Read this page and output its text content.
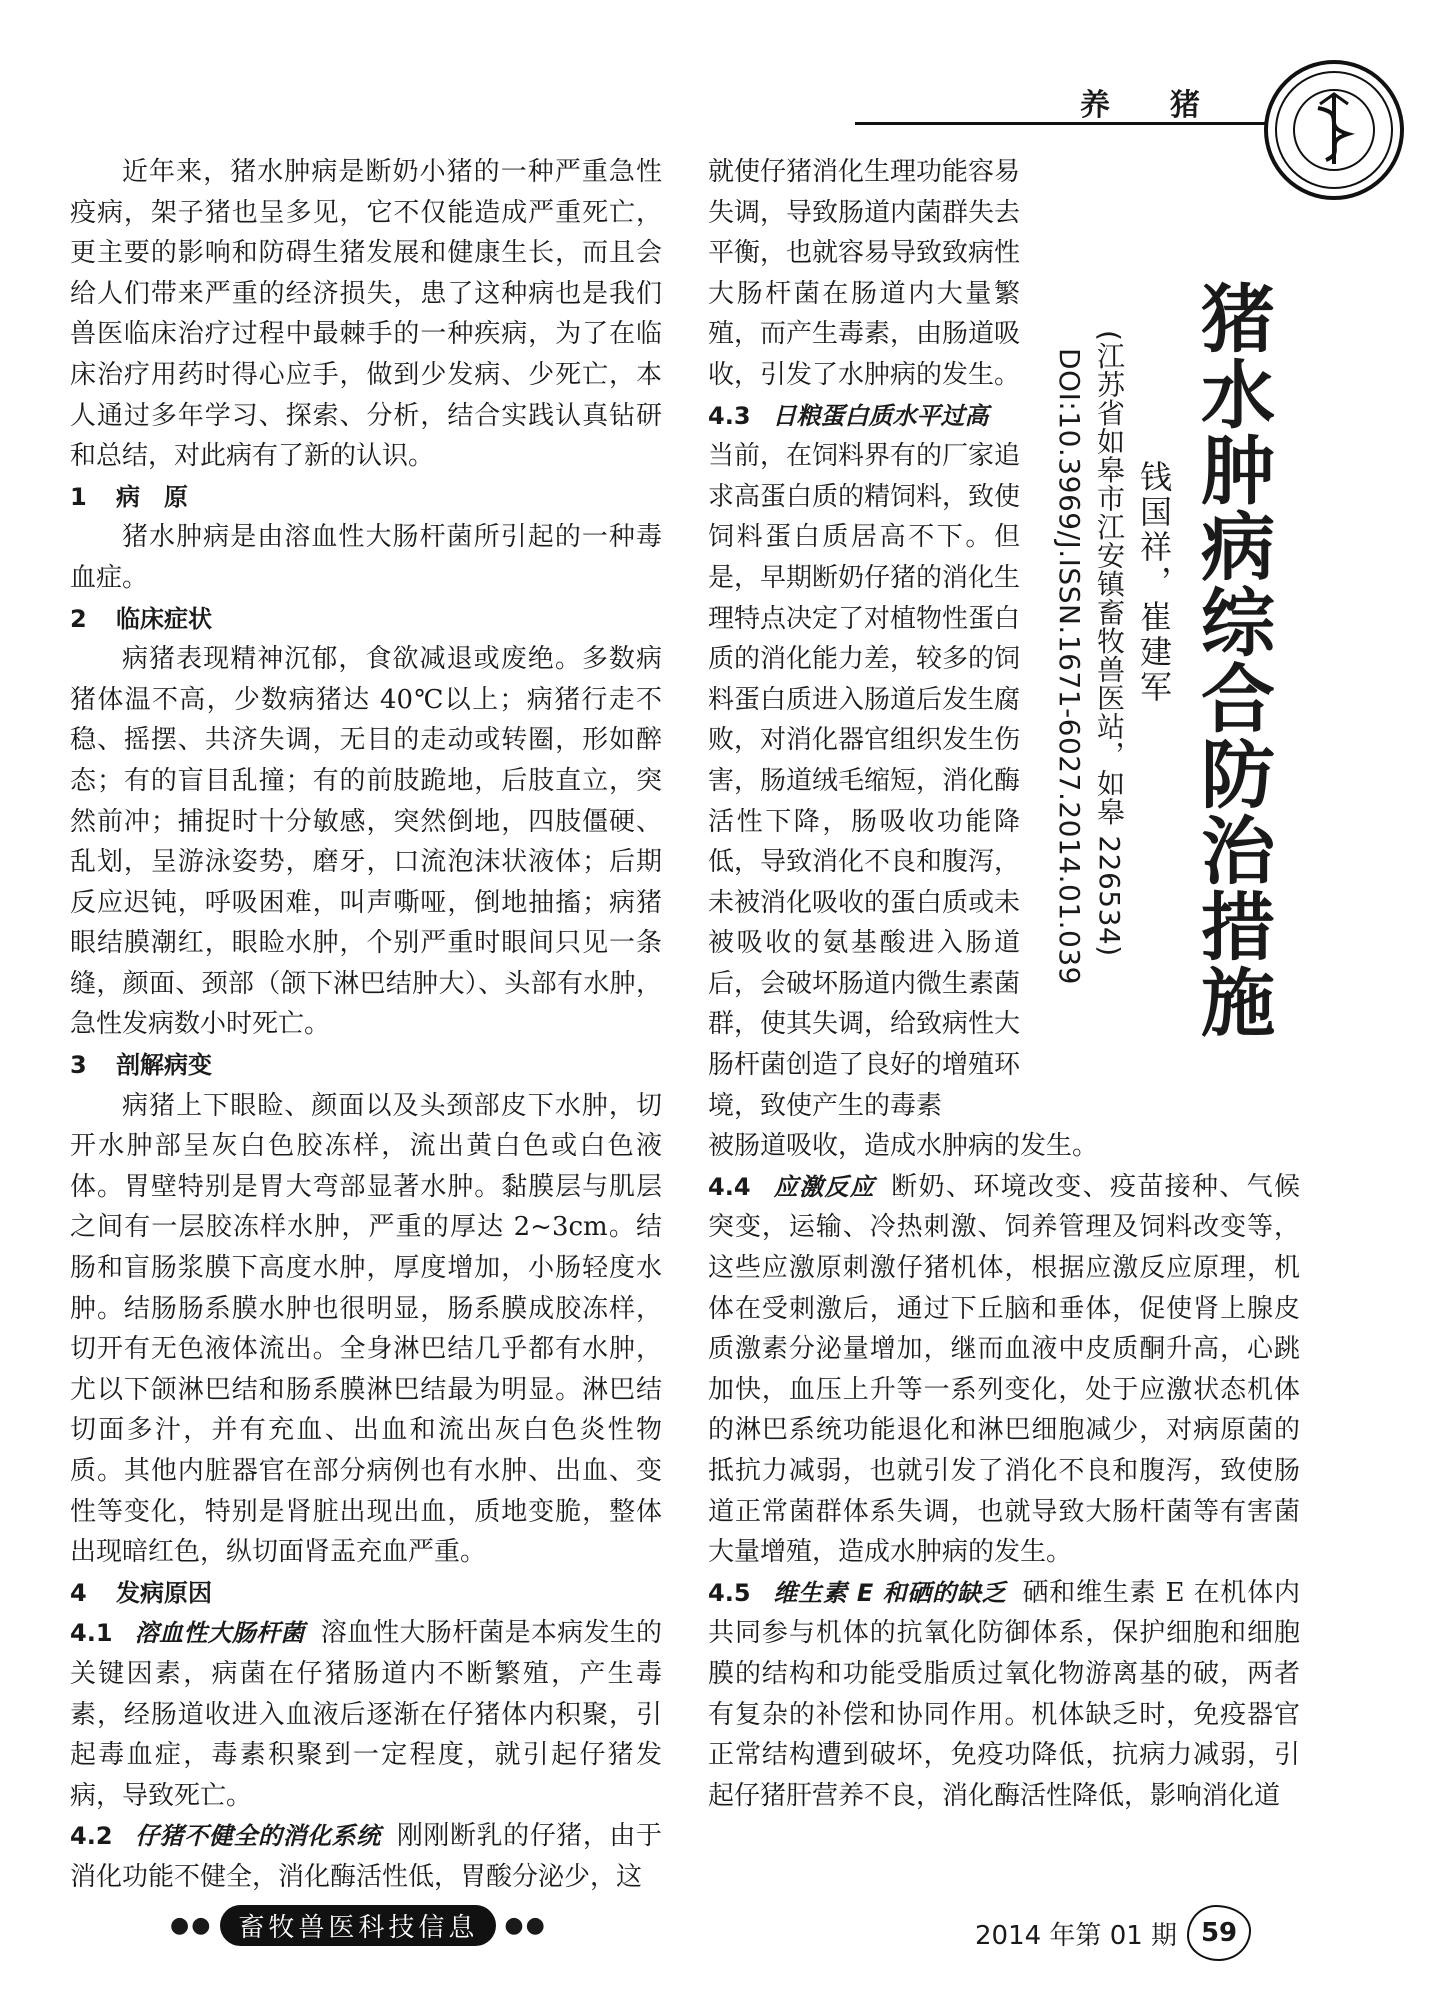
养猪
猪水肿病综合防治措施
钱国祥，崔建军
(江苏省如皋市江安镇畜牧兽医站，如皋 226534)
DOI:10.3969/J.ISSN.1671-6027.2014.01.039

近年来，猪水肿病是断奶小猪的一种严重急性疫病，架子猪也呈多见，它不仅能造成严重死亡，更主要的影响和防碍生猪发展和健康生长，而且会给人们带来严重的经济损失，患了这种病也是我们兽医临床治疗过程中最棘手的一种疾病，为了在临床治疗用药时得心应手，做到少发病、少死亡，本人通过多年学习、探索、分析，结合实践认真钻研和总结，对此病有了新的认识。

1 病　原

猪水肿病是由溶血性大肠杆菌所引起的一种毒血症。

2 临床症状

病猪表现精神沉郁，食欲减退或废绝。多数病猪体温不高，少数病猪达 40℃以上；病猪行走不稳、摇摆、共济失调，无目的走动或转圈，形如醉态；有的盲目乱撞；有的前肢跪地，后肢直立，突然前冲；捕捉时十分敏感，突然倒地，四肢僵硬、乱划，呈游泳姿势，磨牙，口流泡沫状液体；后期反应迟钝，呼吸困难，叫声嘶哑，倒地抽搐；病猪眼结膜潮红，眼睑水肿，个别严重时眼间只见一条缝，颜面、颈部（颌下淋巴结肿大）、头部有水肿，急性发病数小时死亡。

3 剖解病变

病猪上下眼睑、颜面以及头颈部皮下水肿，切开水肿部呈灰白色胶冻样，流出黄白色或白色液体。胃壁特别是胃大弯部显著水肿。黏膜层与肌层之间有一层胶冻样水肿，严重的厚达 2~3cm。结肠和盲肠浆膜下高度水肿，厚度增加，小肠轻度水肿。结肠肠系膜水肿也很明显，肠系膜成胶冻样，切开有无色液体流出。全身淋巴结几乎都有水肿，尤以下颌淋巴结和肠系膜淋巴结最为明显。淋巴结切面多汁，并有充血、出血和流出灰白色炎性物质。其他内脏器官在部分病例也有水肿、出血、变性等变化，特别是肾脏出现出血，质地变脆，整体出现暗红色，纵切面肾盂充血严重。

4 发病原因

4.1 溶血性大肠杆菌 溶血性大肠杆菌是本病发生的关键因素，病菌在仔猪肠道内不断繁殖，产生毒素，经肠道收进入血液后逐渐在仔猪体内积聚，引起毒血症，毒素积聚到一定程度，就引起仔猪发病，导致死亡。

4.2 仔猪不健全的消化系统 刚刚断乳的仔猪，由于消化功能不健全，消化酶活性低，胃酸分泌少，这

就使仔猪消化生理功能容易失调，导致肠道内菌群失去平衡，也就容易导致致病性大肠杆菌在肠道内大量繁殖，而产生毒素，由肠道吸收，引发了水肿病的发生。

4.3 日粮蛋白质水平过高

当前，在饲料界有的厂家追求高蛋白质的精饲料，致使饲料蛋白质居高不下。但是，早期断奶仔猪的消化生理特点决定了对植物性蛋白质的消化能力差，较多的饲料蛋白质进入肠道后发生腐败，对消化器官组织发生伤害，肠道绒毛缩短，消化酶活性下降，肠吸收功能降低，导致消化不良和腹泻，未被消化吸收的蛋白质或未被吸收的氨基酸进入肠道后，会破坏肠道内微生素菌群，使其失调，给致病性大肠杆菌创造了良好的增殖环境，致使产生的毒素

被肠道吸收，造成水肿病的发生。

4.4 应激反应 断奶、环境改变、疫苗接种、气候突变，运输、冷热刺激、饲养管理及饲料改变等，这些应激原刺激仔猪机体，根据应激反应原理，机体在受刺激后，通过下丘脑和垂体，促使肾上腺皮质激素分泌量增加，继而血液中皮质酮升高，心跳加快，血压上升等一系列变化，处于应激状态机体的淋巴系统功能退化和淋巴细胞减少，对病原菌的抵抗力减弱，也就引发了消化不良和腹泻，致使肠道正常菌群体系失调，也就导致大肠杆菌等有害菌大量增殖，造成水肿病的发生。

4.5 维生素 E 和硒的缺乏 硒和维生素 E 在机体内共同参与机体的抗氧化防御体系，保护细胞和细胞膜的结构和功能受脂质过氧化物游离基的破，两者有复杂的补偿和协同作用。机体缺乏时，免疫器官正常结构遭到破坏，免疫功降低，抗病力减弱，引起仔猪肝营养不良，消化酶活性降低，影响消化道

●●	畜牧兽医科技信息	●●	2014 年第 01 期 59
